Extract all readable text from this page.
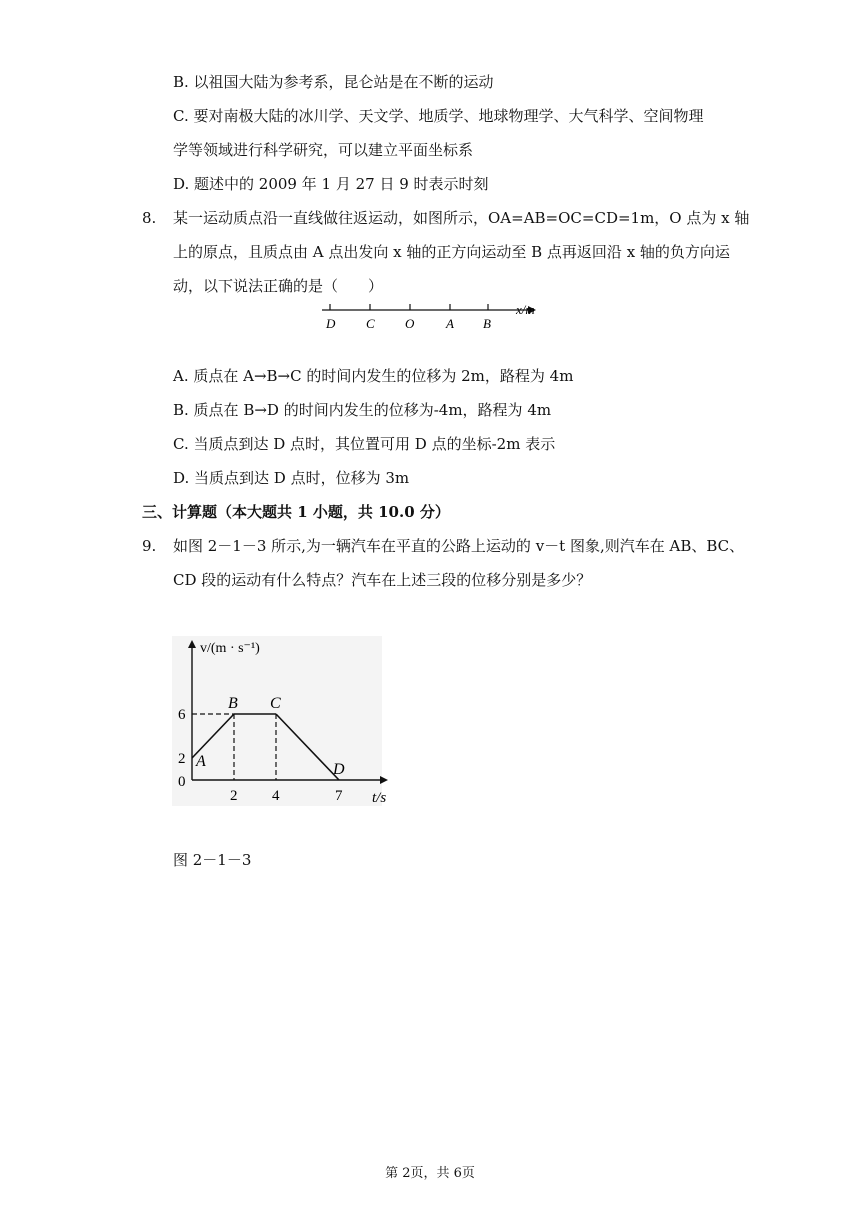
B. 以祖国大陆为参考系，昆仑站是在不断的运动
C. 要对南极大陆的冰川学、天文学、地质学、地球物理学、大气科学、空间物理
学等领域进行科学研究，可以建立平面坐标系
D. 题述中的 2009 年 1 月 27 日 9 时表示时刻
8. 某一运动质点沿一直线做往返运动，如图所示，OA=AB=OC=CD=1m，O 点为 x 轴
上的原点，且质点由 A 点出发向 x 轴的正方向运动至 B 点再返回沿 x 轴的负方向运
动，以下说法正确的是（　　）
D C O A B
x/m
A. 质点在 A→B→C 的时间内发生的位移为 2m，路程为 4m
B. 质点在 B→D 的时间内发生的位移为-4m，路程为 4m
C. 当质点到达 D 点时，其位置可用 D 点的坐标-2m 表示
D. 当质点到达 D 点时，位移为 3m
三、计算题（本大题共 1 小题，共 10.0 分）
9. 如图 2－1－3 所示,为一辆汽车在平直的公路上运动的 v－t 图象,则汽车在 AB、BC、
CD 段的运动有什么特点？汽车在上述三段的位移分别是多少？
A
B C
D
0
2 4	7
2
6
v/(m · s⁻¹)
t/s
图 2－1－3
第 2页，共 6页
